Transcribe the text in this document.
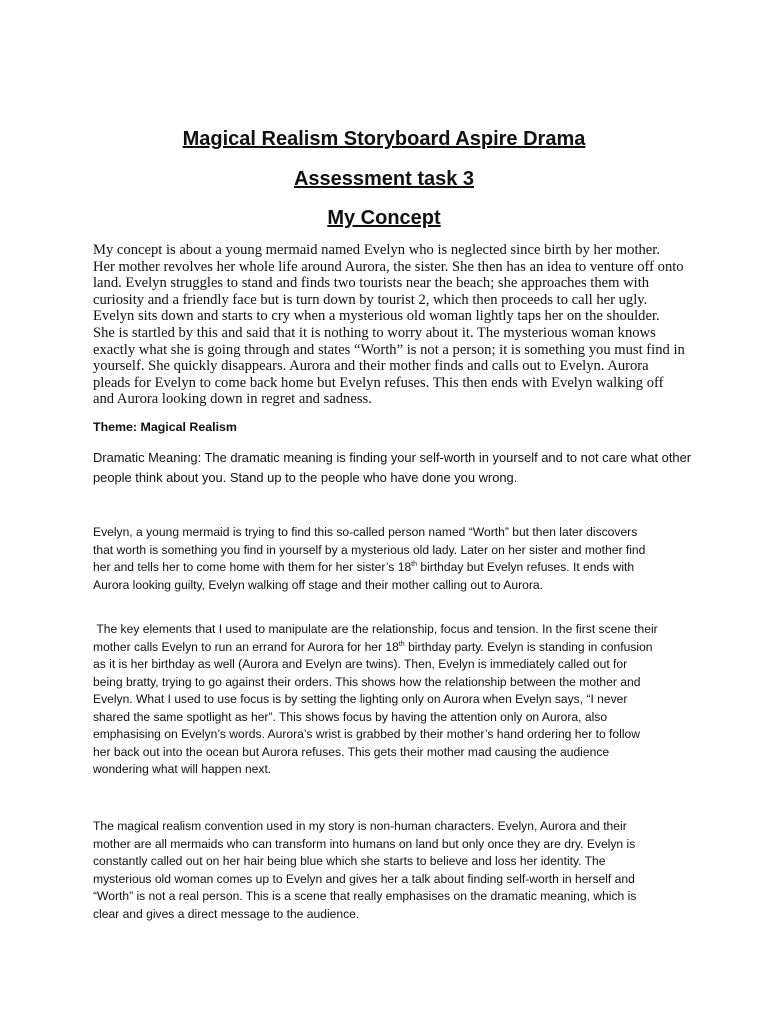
Magical Realism Storyboard Aspire Drama
Assessment task 3
My Concept

My concept is about a young mermaid named Evelyn who is neglected since birth by her mother. Her mother revolves her whole life around Aurora, the sister. She then has an idea to venture off onto land. Evelyn struggles to stand and finds two tourists near the beach; she approaches them with curiosity and a friendly face but is turn down by tourist 2, which then proceeds to call her ugly. Evelyn sits down and starts to cry when a mysterious old woman lightly taps her on the shoulder. She is startled by this and said that it is nothing to worry about it. The mysterious woman knows exactly what she is going through and states “Worth” is not a person; it is something you must find in yourself. She quickly disappears. Aurora and their mother finds and calls out to Evelyn. Aurora pleads for Evelyn to come back home but Evelyn refuses. This then ends with Evelyn walking off and Aurora looking down in regret and sadness.

Theme: Magical Realism

Dramatic Meaning: The dramatic meaning is finding your self-worth in yourself and to not care what other people think about you. Stand up to the people who have done you wrong.

Evelyn, a young mermaid is trying to find this so-called person named “Worth” but then later discovers that worth is something you find in yourself by a mysterious old lady. Later on her sister and mother find her and tells her to come home with them for her sister’s 18th birthday but Evelyn refuses. It ends with Aurora looking guilty, Evelyn walking off stage and their mother calling out to Aurora.

The key elements that I used to manipulate are the relationship, focus and tension. In the first scene their mother calls Evelyn to run an errand for Aurora for her 18th birthday party. Evelyn is standing in confusion as it is her birthday as well (Aurora and Evelyn are twins). Then, Evelyn is immediately called out for being bratty, trying to go against their orders. This shows how the relationship between the mother and Evelyn. What I used to use focus is by setting the lighting only on Aurora when Evelyn says, “I never shared the same spotlight as her”. This shows focus by having the attention only on Aurora, also emphasising on Evelyn’s words. Aurora’s wrist is grabbed by their mother’s hand ordering her to follow her back out into the ocean but Aurora refuses. This gets their mother mad causing the audience wondering what will happen next.

The magical realism convention used in my story is non-human characters. Evelyn, Aurora and their mother are all mermaids who can transform into humans on land but only once they are dry. Evelyn is constantly called out on her hair being blue which she starts to believe and loss her identity. The mysterious old woman comes up to Evelyn and gives her a talk about finding self-worth in herself and “Worth” is not a real person. This is a scene that really emphasises on the dramatic meaning, which is clear and gives a direct message to the audience.
